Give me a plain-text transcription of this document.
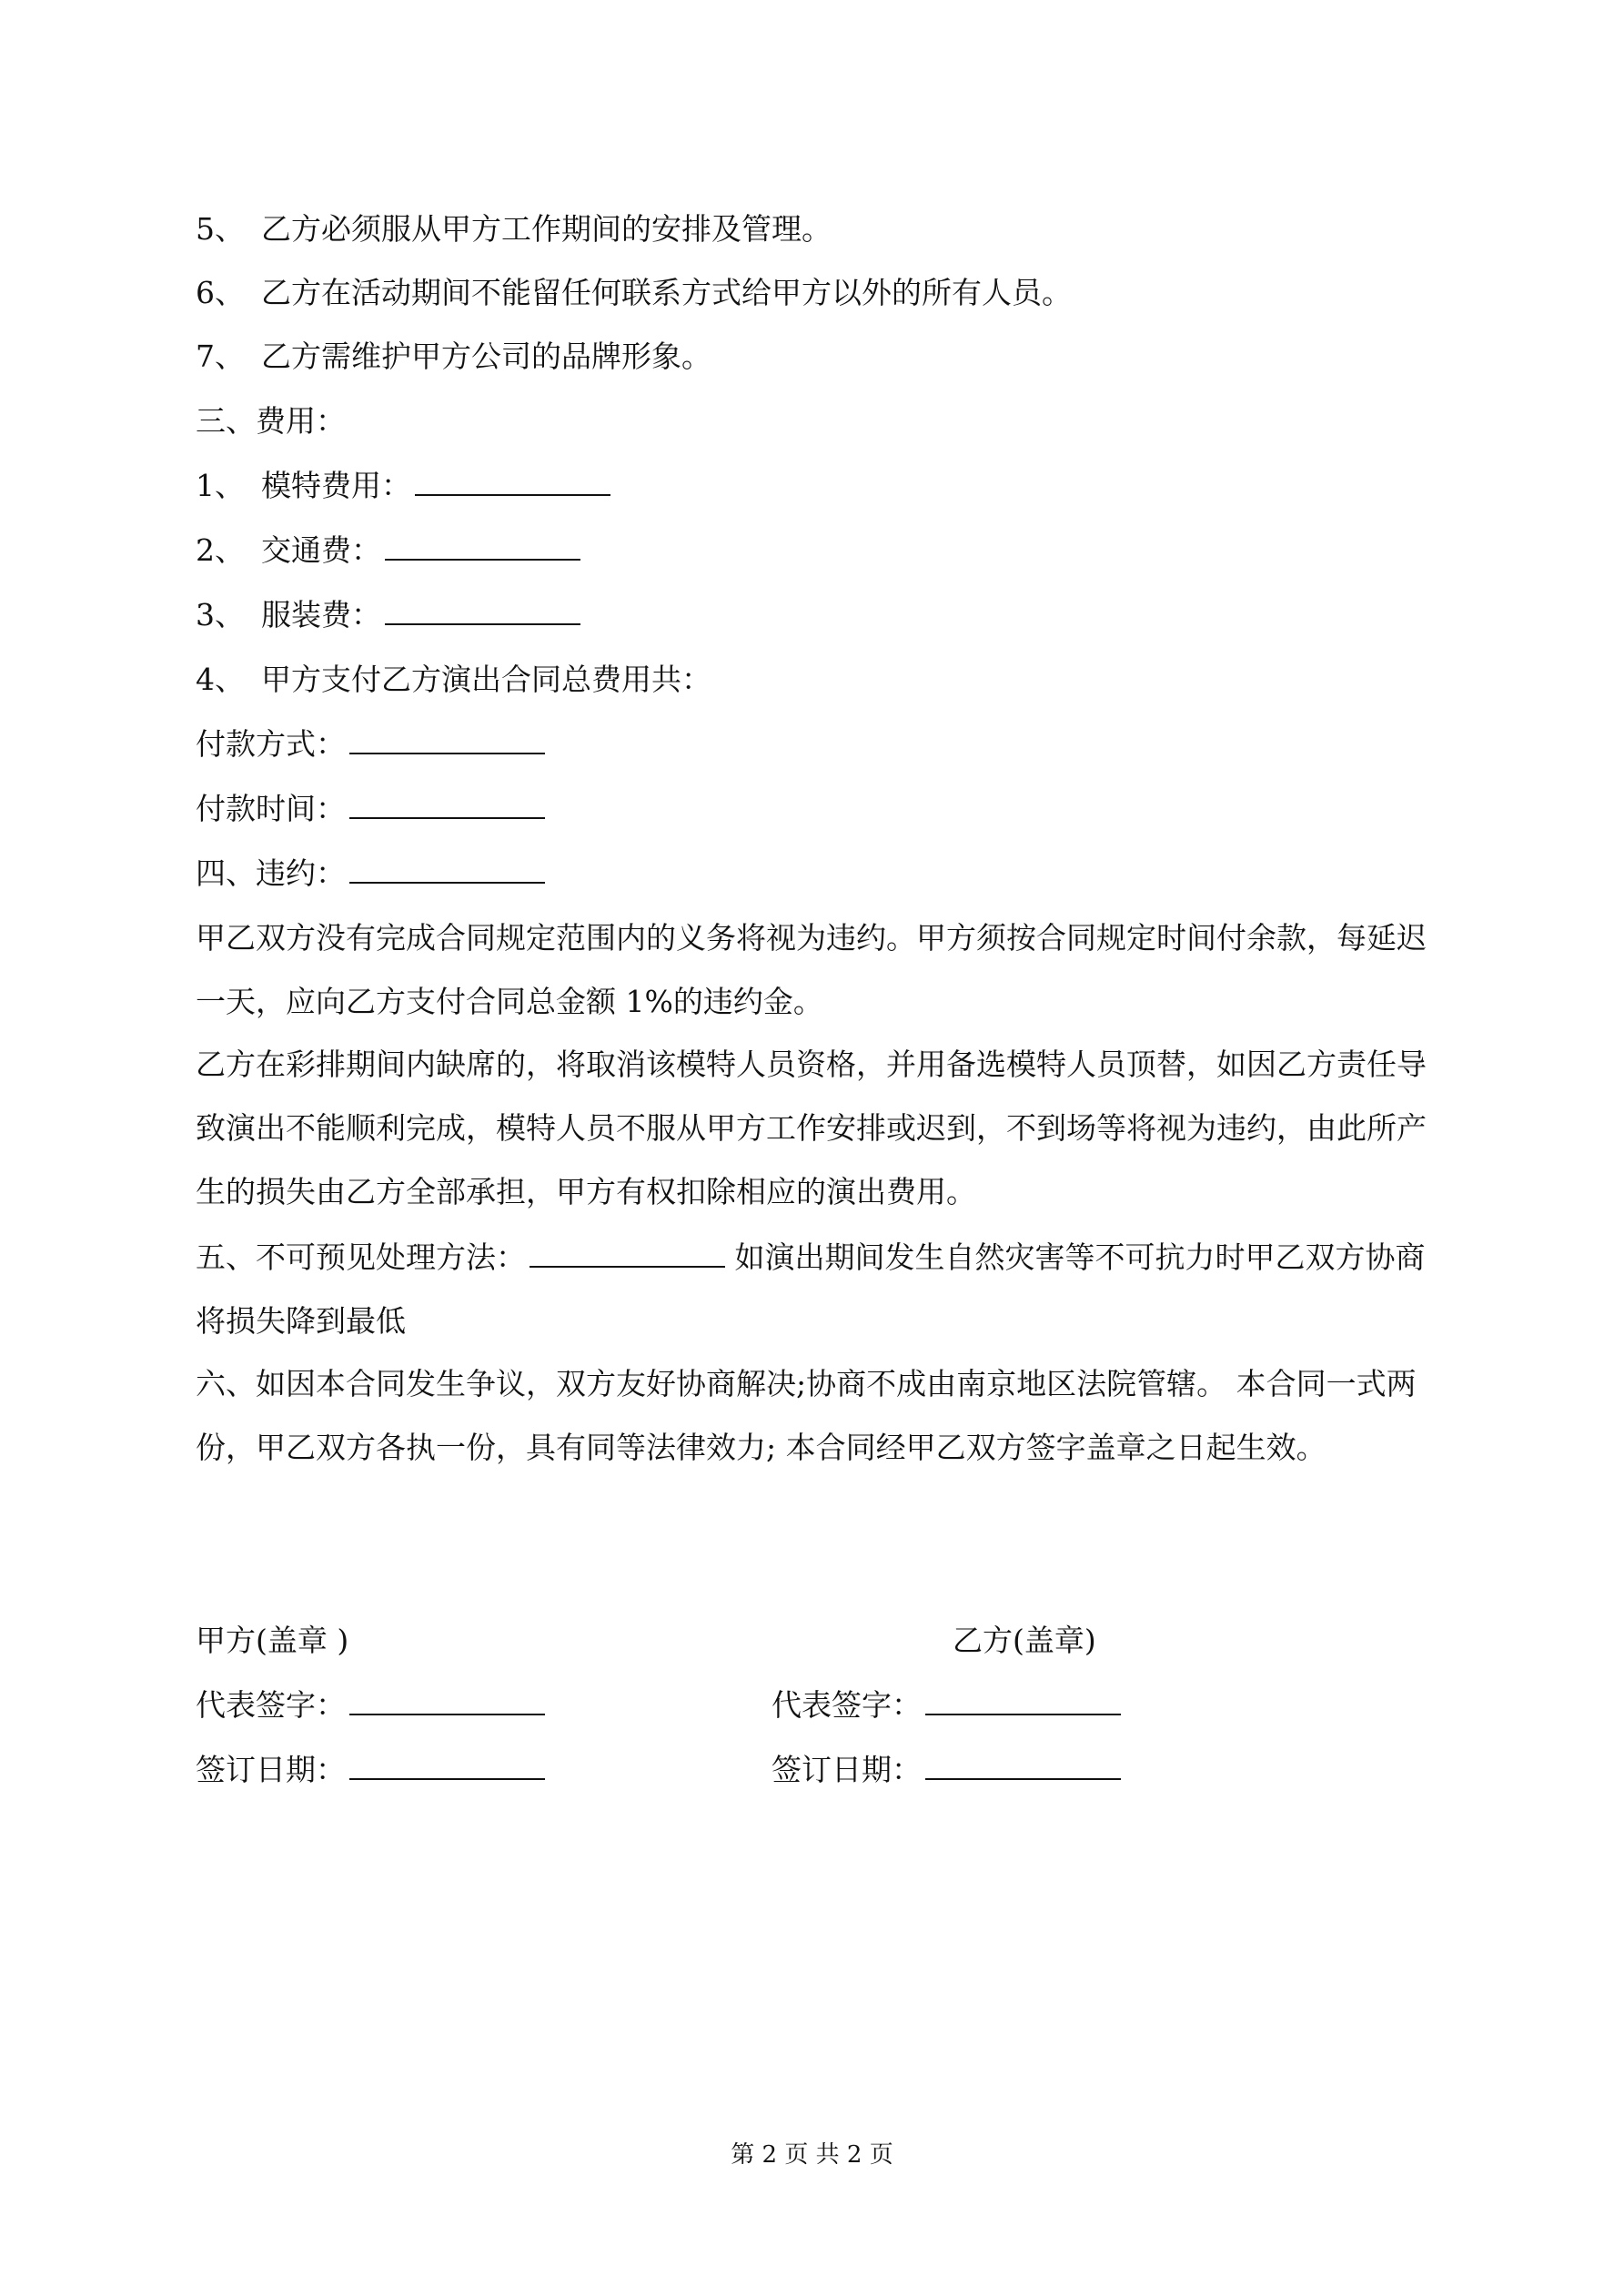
5、 乙方必须服从甲方工作期间的安排及管理。
6、 乙方在活动期间不能留任何联系方式给甲方以外的所有人员。
7、 乙方需维护甲方公司的品牌形象。
三、费用：
1、 模特费用：
2、 交通费：
3、 服装费：
4、 甲方支付乙方演出合同总费用共：
付款方式：
付款时间：
四、违约：
甲乙双方没有完成合同规定范围内的义务将视为违约。甲方须按合同规定时间付余款，每延迟一天，应向乙方支付合同总金额 1%的违约金。
乙方在彩排期间内缺席的，将取消该模特人员资格，并用备选模特人员顶替，如因乙方责任导致演出不能顺利完成，模特人员不服从甲方工作安排或迟到，不到场等将视为违约，由此所产生的损失由乙方全部承担，甲方有权扣除相应的演出费用。
五、不可预见处理方法：	如演出期间发生自然灾害等不可抗力时甲乙双方协商将损失降到最低
六、如因本合同发生争议，双方友好协商解决;协商不成由南京地区法院管辖。 本合同一式两份，甲乙双方各执一份，具有同等法律效力; 本合同经甲乙双方签字盖章之日起生效。
甲方(盖章 )	乙方(盖章)
代表签字：	代表签字：
签订日期：	签订日期：
第 2 页 共 2 页
